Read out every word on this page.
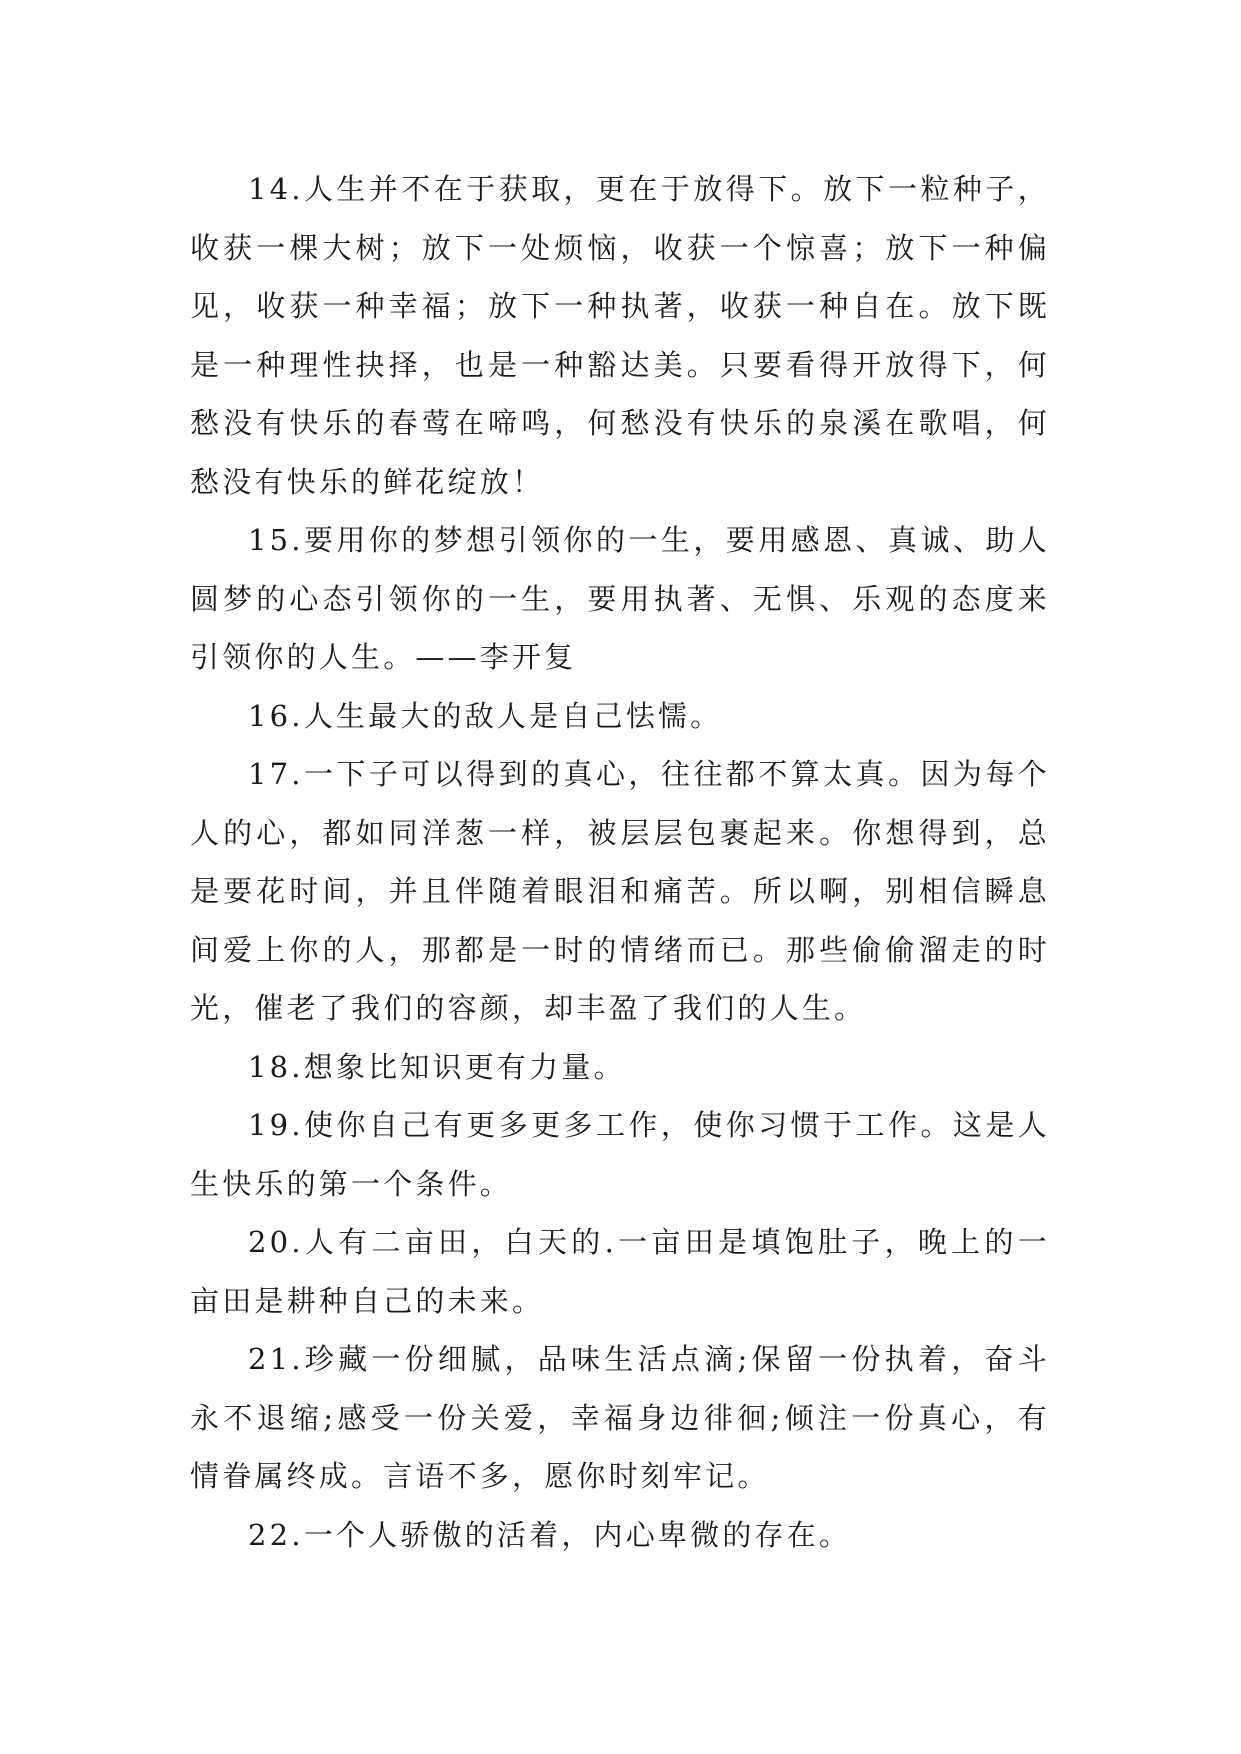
14.人生并不在于获取，更在于放得下。放下一粒种子，收获一棵大树；放下一处烦恼，收获一个惊喜；放下一种偏见，收获一种幸福；放下一种执著，收获一种自在。放下既是一种理性抉择，也是一种豁达美。只要看得开放得下，何愁没有快乐的春莺在啼鸣，何愁没有快乐的泉溪在歌唱，何愁没有快乐的鲜花绽放！

15.要用你的梦想引领你的一生，要用感恩、真诚、助人圆梦的心态引领你的一生，要用执著、无惧、乐观的态度来引领你的人生。——李开复

16.人生最大的敌人是自己怯懦。

17.一下子可以得到的真心，往往都不算太真。因为每个人的心，都如同洋葱一样，被层层包裹起来。你想得到，总是要花时间，并且伴随着眼泪和痛苦。所以啊，别相信瞬息间爱上你的人，那都是一时的情绪而已。那些偷偷溜走的时光，催老了我们的容颜，却丰盈了我们的人生。

18.想象比知识更有力量。

19.使你自己有更多更多工作，使你习惯于工作。这是人生快乐的第一个条件。

20.人有二亩田，白天的.一亩田是填饱肚子，晚上的一亩田是耕种自己的未来。

21.珍藏一份细腻，品味生活点滴;保留一份执着，奋斗永不退缩;感受一份关爱，幸福身边徘徊;倾注一份真心，有情眷属终成。言语不多，愿你时刻牢记。

22.一个人骄傲的活着，内心卑微的存在。
